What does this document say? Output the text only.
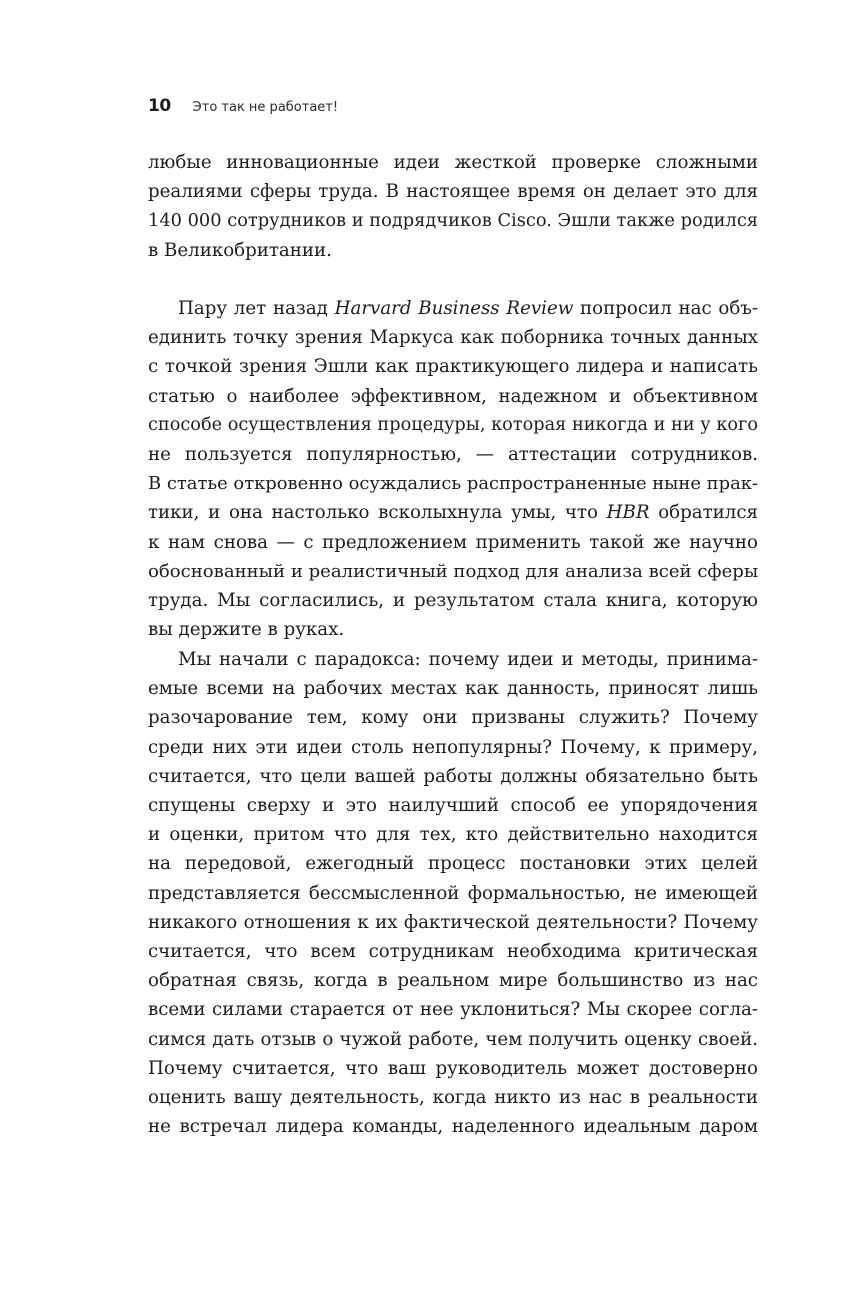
10 Это так не работает!
любые инновационные идеи жесткой проверке сложными
реалиями сферы труда. В настоящее время он делает это для
140 000 сотрудников и подрядчиков Cisco. Эшли также родился
в Великобритании.
Пару лет назад Harvard Business Review попросил нас объ-
единить точку зрения Маркуса как поборника точных данных
с точкой зрения Эшли как практикующего лидера и написать
статью о наиболее эффективном, надежном и объективном
способе осуществления процедуры, которая никогда и ни у кого
не пользуется популярностью, — аттестации сотрудников.
В статье откровенно осуждались распространенные ныне прак-
тики, и она настолько всколыхнула умы, что HBR обратился
к нам снова — с предложением применить такой же научно
обоснованный и реалистичный подход для анализа всей сферы
труда. Мы согласились, и результатом стала книга, которую
вы держите в руках.
Мы начали с парадокса: почему идеи и методы, принима-
емые всеми на рабочих местах как данность, приносят лишь
разочарование тем, кому они призваны служить? Почему
среди них эти идеи столь непопулярны? Почему, к примеру,
считается, что цели вашей работы должны обязательно быть
спущены сверху и это наилучший способ ее упорядочения
и оценки, притом что для тех, кто действительно находится
на передовой, ежегодный процесс постановки этих целей
представляется бессмысленной формальностью, не имеющей
никакого отношения к их фактической деятельности? Почему
считается, что всем сотрудникам необходима критическая
обратная связь, когда в реальном мире большинство из нас
всеми силами старается от нее уклониться? Мы скорее согла-
симся дать отзыв о чужой работе, чем получить оценку своей.
Почему считается, что ваш руководитель может достоверно
оценить вашу деятельность, когда никто из нас в реальности
не встречал лидера команды, наделенного идеальным даром
